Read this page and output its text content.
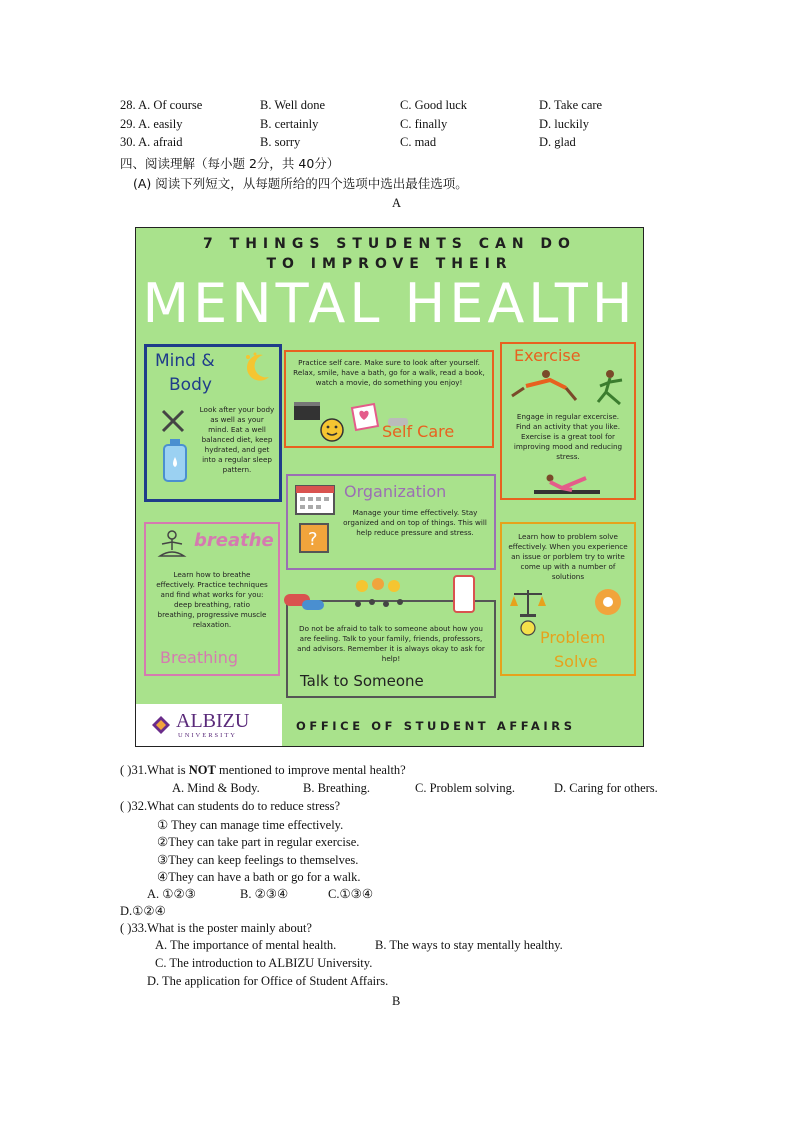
28. A. Of course	B. Well done	C. Good luck	D. Take care
29. A. easily	B. certainly	C. finally	D. luckily
30. A. afraid	B. sorry	C. mad	D. glad
四、阅读理解（每小题 2分，共 40分）
(A) 阅读下列短文，从每题所给的四个选项中选出最佳选项。
A
7 THINGS STUDENTS CAN DO
TO IMPROVE THEIR
MENTAL HEALTH
Mind &
Body
Look after your body as well as your mind. Eat a well balanced diet, keep hydrated, and get into a regular sleep pattern.
Practice self care. Make sure to look after yourself. Relax, smile, have a bath, go for a walk, read a book, watch a movie, do something you enjoy!
Self Care
Exercise
Engage in regular excercise. Find an activity that you like. Exercise is a great tool for improving mood and reducing stress.
?
Organization
Manage your time effectively. Stay organized and on top of things. This will help reduce pressure and stress.
breathe
Learn how to breathe effectively. Practice techniques and find what works for you: deep breathing, ratio breathing, progressive muscle relaxation.
Breathing
Do not be afraid to talk to someone about how you are feeling. Talk to your family, friends, professors, and advisors. Remember it is always okay to ask for help!
Talk to Someone
Learn how to problem solve effectively. When you experience an issue or porblem try to write come up with a number of solutions
Problem
Solve
ALBIZU
UNIVERSITY
OFFICE OF STUDENT AFFAIRS
( )31.What is NOT mentioned to improve mental health?
A. Mind & Body.	B. Breathing.	C. Problem solving.	D. Caring for others.
( )32.What can students do to reduce stress?
① They can manage time effectively.
②They can take part in regular exercise.
③They can keep feelings to themselves.
④They can have a bath or go for a walk.
A. ①②③	B. ②③④	C.①③④
D.①②④
( )33.What is the poster mainly about?
A. The importance of mental health.	B. The ways to stay mentally healthy.
C. The introduction to ALBIZU University.
D. The application for Office of Student Affairs.
B
